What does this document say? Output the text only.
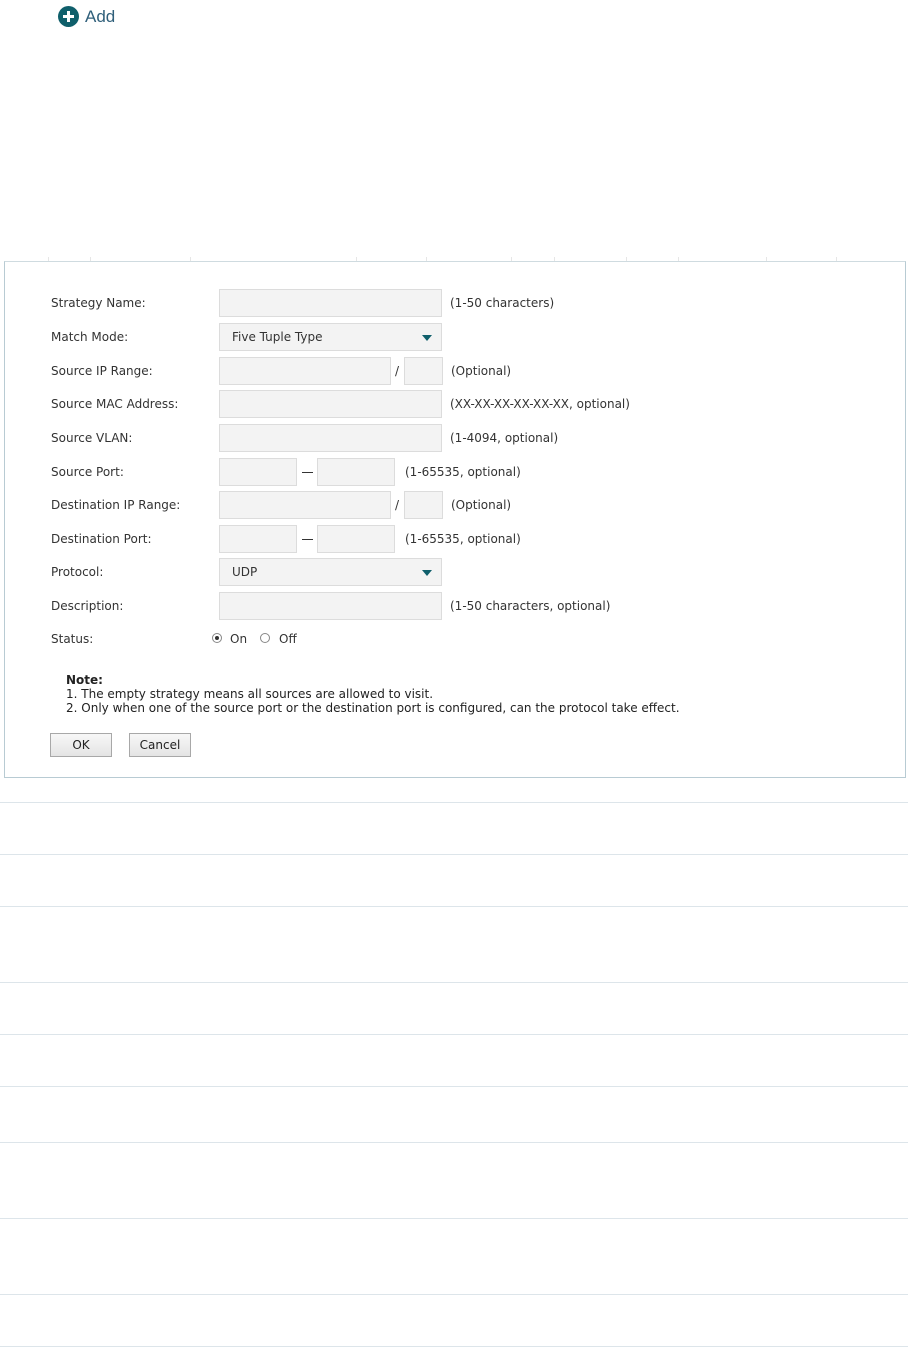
Add
Strategy Name:	(1-50 characters)
Match Mode:	Five Tuple Type
Source IP Range:	/	(Optional)
Source MAC Address:	(XX-XX-XX-XX-XX-XX, optional)
Source VLAN:	(1-4094, optional)
Source Port:	(1-65535, optional)
Destination IP Range:	/	(Optional)
Destination Port:	(1-65535, optional)
Protocol:	UDP
Description:	(1-50 characters, optional)
Status:	On	Off
Note:
1. The empty strategy means all sources are allowed to visit.
2. Only when one of the source port or the destination port is configured, can the protocol take effect.
OK	Cancel
